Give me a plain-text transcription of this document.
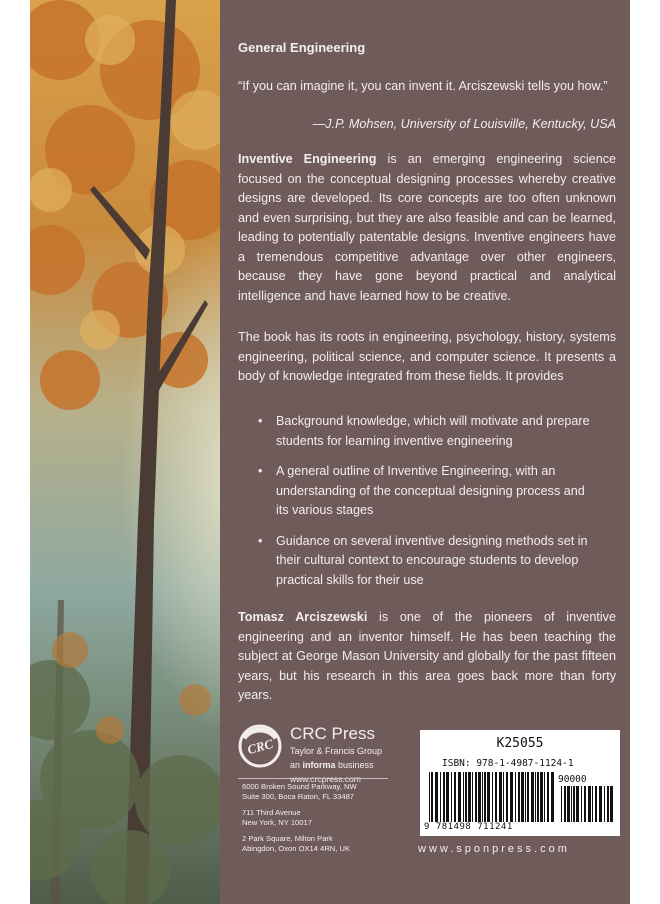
General Engineering

“If you can imagine it, you can invent it. Arciszewski tells you how.”

—J.P. Mohsen, University of Louisville, Kentucky, USA

Inventive Engineering is an emerging engineering science focused on the conceptual designing processes whereby creative designs are developed. Its core concepts are too often unknown and even surprising, but they are also feasible and can be learned, leading to potentially patentable designs. Inventive engineers have a tremendous competitive advantage over other engineers, because they have gone beyond practical and analytical intelligence and have learned how to be creative.

The book has its roots in engineering, psychology, history, systems engineering, political science, and computer science. It presents a body of knowledge integrated from these fields. It provides

• Background knowledge, which will motivate and prepare students for learning inventive engineering
• A general outline of Inventive Engineering, with an understanding of the conceptual designing process and its various stages
• Guidance on several inventive designing methods set in their cultural context to encourage students to develop practical skills for their use

Tomasz Arciszewski is one of the pioneers of inventive engineering and an inventor himself. He has been teaching the subject at George Mason University and globally for the past fifteen years, but his research in this area goes back more than forty years.

CRC
CRC Press
Taylor & Francis Group
an informa business
www.crcpress.com
6000 Broken Sound Parkway, NW
Suite 300, Boca Raton, FL 33487
711 Third Avenue
New York, NY 10017
2 Park Square, Milton Park
Abingdon, Oxon OX14 4RN, UK
K25055
ISBN: 978-1-4987-1124-1
90000
9 781498 711241
www.sponpress.com
